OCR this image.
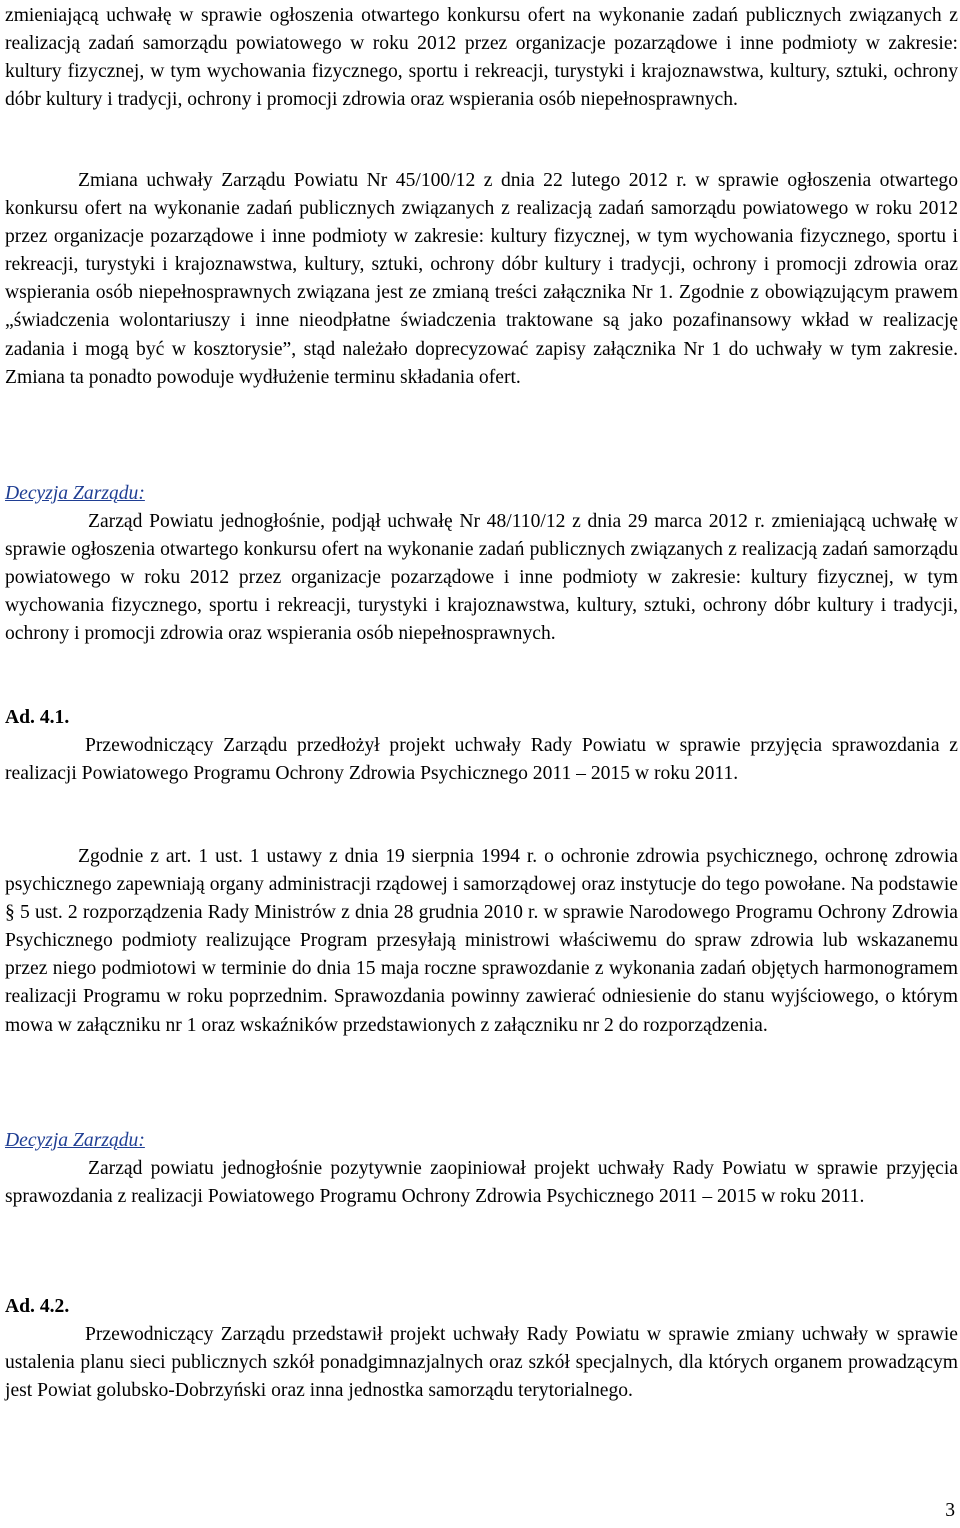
zmieniającą uchwałę w sprawie ogłoszenia otwartego konkursu ofert na wykonanie zadań publicznych związanych z realizacją zadań samorządu powiatowego w roku 2012 przez organizacje pozarządowe i inne podmioty w zakresie: kultury fizycznej, w tym wychowania fizycznego, sportu i rekreacji, turystyki i krajoznawstwa, kultury, sztuki, ochrony dóbr kultury i tradycji, ochrony i promocji zdrowia oraz wspierania osób niepełnosprawnych.
Zmiana uchwały Zarządu Powiatu Nr 45/100/12 z dnia 22 lutego 2012 r. w sprawie ogłoszenia otwartego konkursu ofert na wykonanie zadań publicznych związanych z realizacją zadań samorządu powiatowego w roku 2012 przez organizacje pozarządowe i inne podmioty w zakresie: kultury fizycznej, w tym wychowania fizycznego, sportu i rekreacji, turystyki i krajoznawstwa, kultury, sztuki, ochrony dóbr kultury i tradycji, ochrony i promocji zdrowia oraz wspierania osób niepełnosprawnych związana jest ze zmianą treści załącznika Nr 1. Zgodnie z obowiązującym prawem „świadczenia wolontariuszy i inne nieodpłatne świadczenia traktowane są jako pozafinansowy wkład w realizację zadania i mogą być w kosztorysie”, stąd należało doprecyzować zapisy załącznika Nr 1 do uchwały w tym zakresie. Zmiana ta ponadto powoduje wydłużenie terminu składania ofert.
Decyzja Zarządu:
Zarząd Powiatu jednogłośnie, podjął uchwałę Nr 48/110/12 z dnia 29 marca 2012 r. zmieniającą uchwałę w sprawie ogłoszenia otwartego konkursu ofert na wykonanie zadań publicznych związanych z realizacją zadań samorządu powiatowego w roku 2012 przez organizacje pozarządowe i inne podmioty w zakresie: kultury fizycznej, w tym wychowania fizycznego, sportu i rekreacji, turystyki i krajoznawstwa, kultury, sztuki, ochrony dóbr kultury i tradycji, ochrony i promocji zdrowia oraz wspierania osób niepełnosprawnych.
Ad. 4.1.
Przewodniczący Zarządu przedłożył projekt uchwały Rady Powiatu w sprawie przyjęcia sprawozdania z realizacji Powiatowego Programu Ochrony Zdrowia Psychicznego 2011 – 2015 w roku 2011.
Zgodnie z art. 1 ust. 1 ustawy z dnia 19 sierpnia 1994 r. o ochronie zdrowia psychicznego, ochronę zdrowia psychicznego zapewniają organy administracji rządowej i samorządowej oraz instytucje do tego powołane. Na podstawie § 5 ust. 2 rozporządzenia Rady Ministrów z dnia 28 grudnia 2010 r. w sprawie Narodowego Programu Ochrony Zdrowia Psychicznego podmioty realizujące Program przesyłają ministrowi właściwemu do spraw zdrowia lub wskazanemu przez niego podmiotowi w terminie do dnia 15 maja roczne sprawozdanie z wykonania zadań objętych harmonogramem realizacji Programu w roku poprzednim. Sprawozdania powinny zawierać odniesienie do stanu wyjściowego, o którym mowa w załączniku nr 1 oraz wskaźników przedstawionych z załączniku nr 2 do rozporządzenia.
Decyzja Zarządu:
Zarząd powiatu jednogłośnie pozytywnie zaopiniował projekt uchwały Rady Powiatu w sprawie przyjęcia sprawozdania z realizacji Powiatowego Programu Ochrony Zdrowia Psychicznego 2011 – 2015 w roku 2011.
Ad. 4.2.
Przewodniczący Zarządu przedstawił projekt uchwały Rady Powiatu w sprawie zmiany uchwały w sprawie ustalenia planu sieci publicznych szkół ponadgimnazjalnych oraz szkół specjalnych, dla których organem prowadzącym jest Powiat golubsko-Dobrzyński oraz inna jednostka samorządu terytorialnego.
3
